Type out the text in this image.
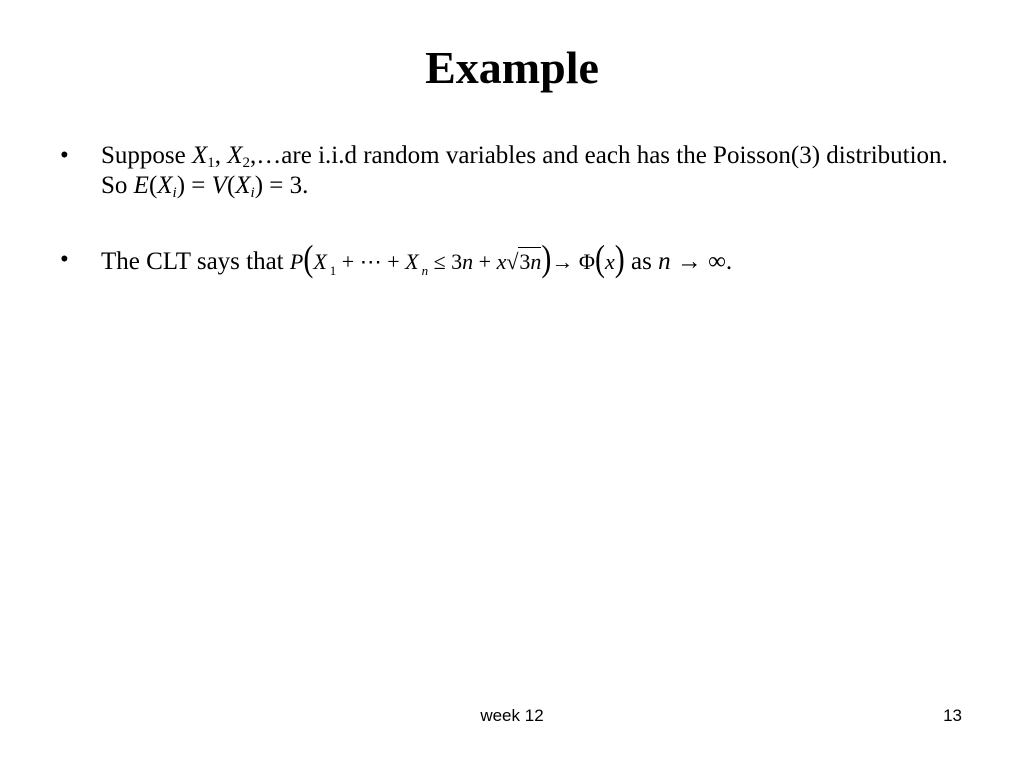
Example
•	Suppose $X_1$, $X_2,\dots are$ i.i.d random variables and each has the Poisson(3) distribution. So $E(X_i) = V(X_i) = 3$.
•	The CLT says that P(X $_1$ + ⋯ + X $_n$ ≤ 3n + x√3n)→ Φ(x) as n → ∞.
week 12	13
